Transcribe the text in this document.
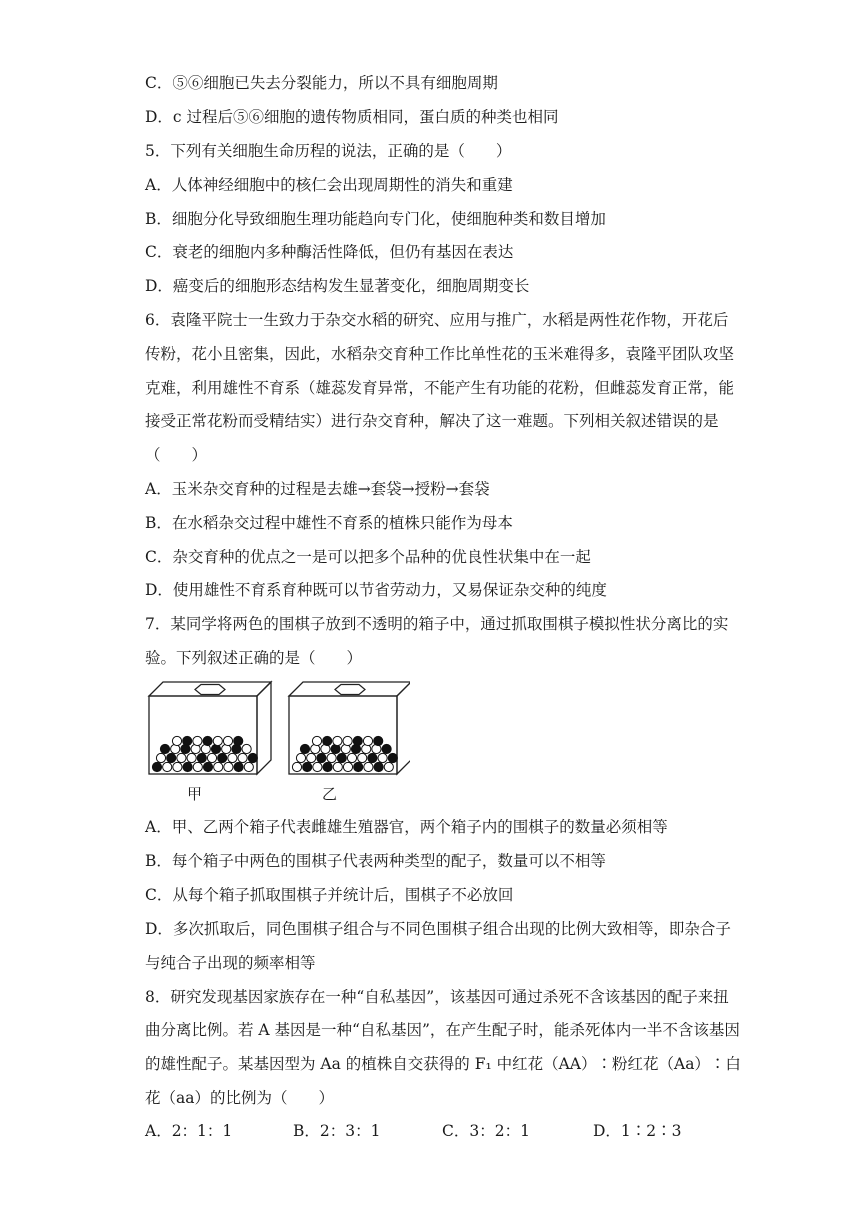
C．⑤⑥细胞已失去分裂能力，所以不具有细胞周期
D．c 过程后⑤⑥细胞的遗传物质相同，蛋白质的种类也相同
5．下列有关细胞生命历程的说法，正确的是（　　）
A．人体神经细胞中的核仁会出现周期性的消失和重建
B．细胞分化导致细胞生理功能趋向专门化，使细胞种类和数目增加
C．衰老的细胞内多种酶活性降低，但仍有基因在表达
D．癌变后的细胞形态结构发生显著变化，细胞周期变长
6．袁隆平院士一生致力于杂交水稻的研究、应用与推广，水稻是两性花作物，开花后
传粉，花小且密集，因此，水稻杂交育种工作比单性花的玉米难得多，袁隆平团队攻坚
克难，利用雄性不育系（雄蕊发育异常，不能产生有功能的花粉，但雌蕊发育正常，能
接受正常花粉而受精结实）进行杂交育种，解决了这一难题。下列相关叙述错误的是
（　　）
A．玉米杂交育种的过程是去雄→套袋→授粉→套袋
B．在水稻杂交过程中雄性不育系的植株只能作为母本
C．杂交育种的优点之一是可以把多个品种的优良性状集中在一起
D．使用雄性不育系育种既可以节省劳动力，又易保证杂交种的纯度
7．某同学将两色的围棋子放到不透明的箱子中，通过抓取围棋子模拟性状分离比的实
验。下列叙述正确的是（　　）
甲	乙
A．甲、乙两个箱子代表雌雄生殖器官，两个箱子内的围棋子的数量必须相等
B．每个箱子中两色的围棋子代表两种类型的配子，数量可以不相等
C．从每个箱子抓取围棋子并统计后，围棋子不必放回
D．多次抓取后，同色围棋子组合与不同色围棋子组合出现的比例大致相等，即杂合子
与纯合子出现的频率相等
8．研究发现基因家族存在一种“自私基因”，该基因可通过杀死不含该基因的配子来扭
曲分离比例。若 A 基因是一种“自私基因”，在产生配子时，能杀死体内一半不含该基因
的雄性配子。某基因型为 Aa 的植株自交获得的 F₁ 中红花（AA）∶粉红花（Aa）∶白
花（aa）的比例为（　　）
A．2：1：1	B．2：3：1	C．3：2：1	D．1∶2∶3
